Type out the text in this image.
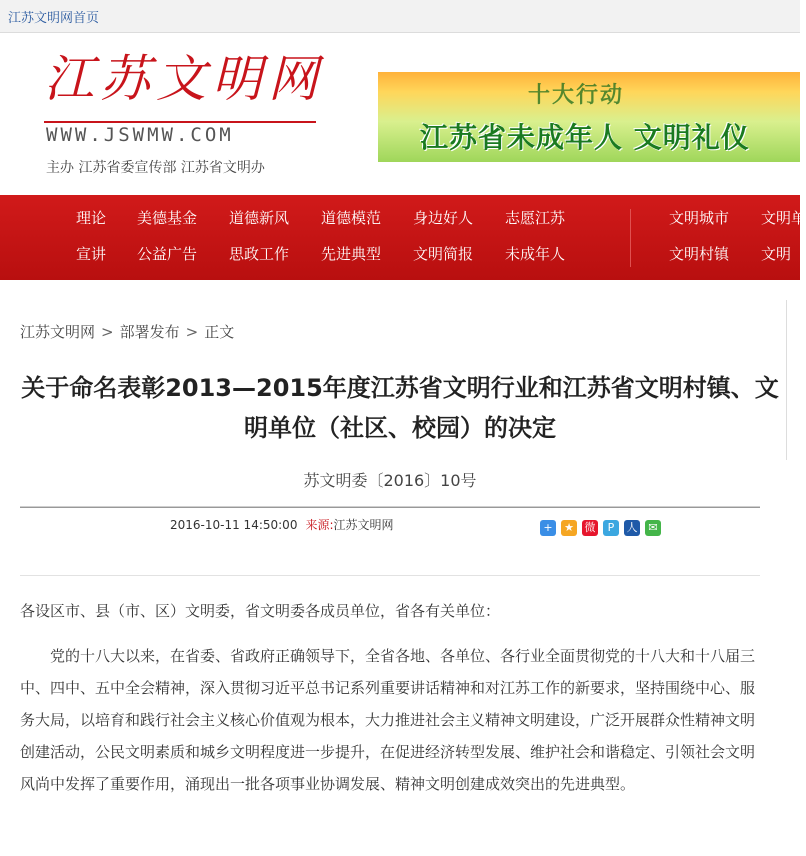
江苏文明网首页
江苏文明网
WWW.JSWMW.COM
主办 江苏省委宣传部 江苏省文明办
十大行动
江苏省未成年人 文明礼仪
理论 美德基金 道德新风 道德模范 身边好人 志愿江苏	文明城市 文明单
宣讲 公益广告 思政工作 先进典型 文明简报 未成年人	文明村镇 文明
江苏文明网 > 部署发布 > 正文
关于命名表彰2013—2015年度江苏省文明行业和江苏省文明村镇、文明单位（社区、校园）的决定
苏文明委〔2016〕10号
2016-10-11 14:50:00 来源:江苏文明网	+ ★ 微 P 人 ✉
各设区市、县（市、区）文明委，省文明委各成员单位，省各有关单位：
党的十八大以来，在省委、省政府正确领导下，全省各地、各单位、各行业全面贯彻党的十八大和十八届三中、四中、五中全会精神，深入贯彻习近平总书记系列重要讲话精神和对江苏工作的新要求，坚持围绕中心、服务大局，以培育和践行社会主义核心价值观为根本，大力推进社会主义精神文明建设，广泛开展群众性精神文明创建活动，公民文明素质和城乡文明程度进一步提升，在促进经济转型发展、维护社会和谐稳定、引领社会文明风尚中发挥了重要作用，涌现出一批各项事业协调发展、精神文明创建成效突出的先进典型。
